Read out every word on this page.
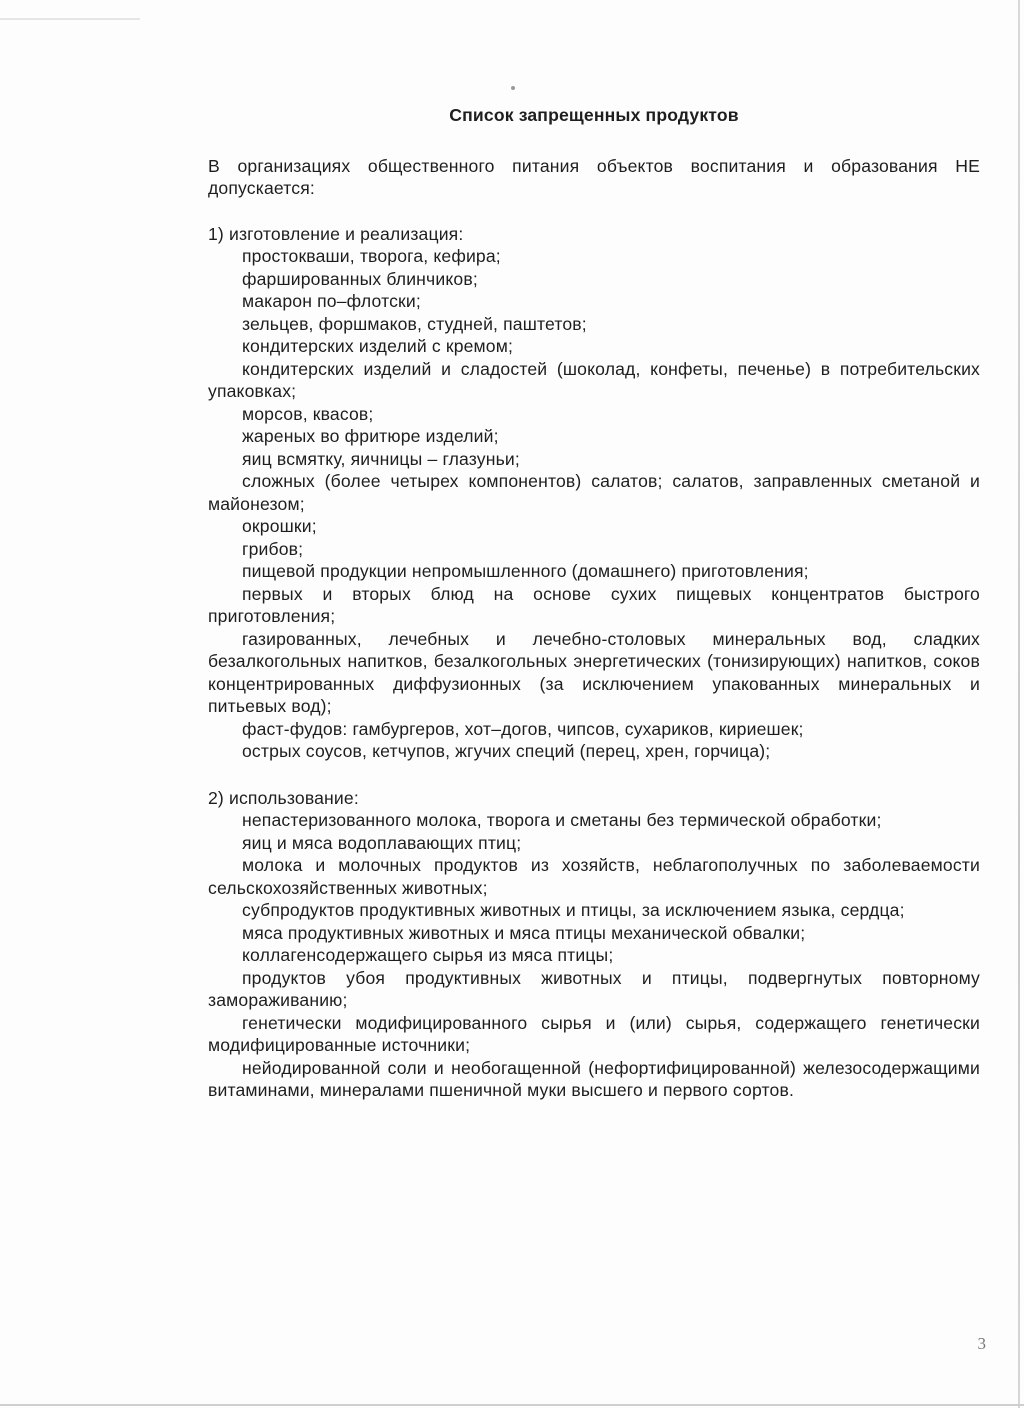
Список запрещенных продуктов

В организациях общественного питания объектов воспитания и образования НЕ допускается:

1) изготовление и реализация:

простокваши, творога, кефира;
фаршированных блинчиков;
макарон по–флотски;
зельцев, форшмаков, студней, паштетов;
кондитерских изделий с кремом;
кондитерских изделий и сладостей (шоколад, конфеты, печенье) в потребительских упаковках;
морсов, квасов;
жареных во фритюре изделий;
яиц всмятку, яичницы – глазуньи;
сложных (более четырех компонентов) салатов; салатов, заправленных сметаной и майонезом;
окрошки;
грибов;
пищевой продукции непромышленного (домашнего) приготовления;
первых и вторых блюд на основе сухих пищевых концентратов быстрого приготовления;
газированных, лечебных и лечебно-столовых минеральных вод, сладких безалкогольных напитков, безалкогольных энергетических (тонизирующих) напитков, соков концентрированных диффузионных (за исключением упакованных минеральных и питьевых вод);
фаст-фудов: гамбургеров, хот–догов, чипсов, сухариков, кириешек;
острых соусов, кетчупов, жгучих специй (перец, хрен, горчица);

2) использование:

непастеризованного молока, творога и сметаны без термической обработки;
яиц и мяса водоплавающих птиц;
молока и молочных продуктов из хозяйств, неблагополучных по заболеваемости сельскохозяйственных животных;
субпродуктов продуктивных животных и птицы, за исключением языка, сердца;
мяса продуктивных животных и мяса птицы механической обвалки;
коллагенсодержащего сырья из мяса птицы;
продуктов убоя продуктивных животных и птицы, подвергнутых повторному замораживанию;
генетически модифицированного сырья и (или) сырья, содержащего генетически модифицированные источники;
нейодированной соли и необогащенной (нефортифицированной) железосодержащими витаминами, минералами пшеничной муки высшего и первого сортов.
3
